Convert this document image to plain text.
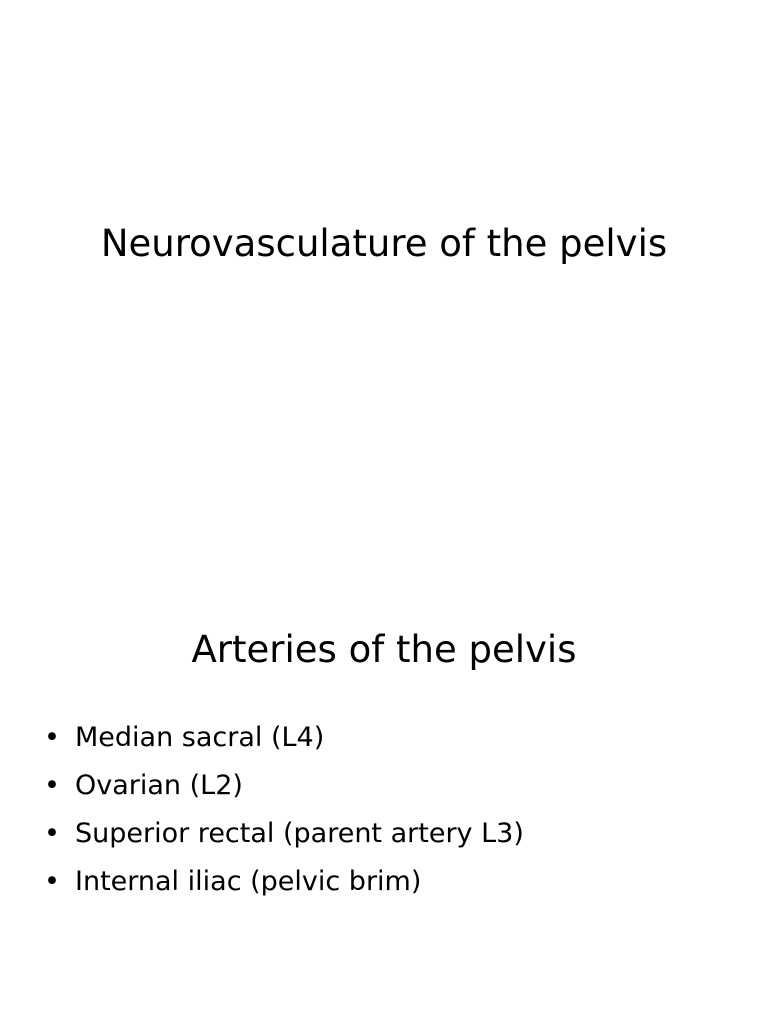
Neurovasculature of the pelvis
Arteries of the pelvis
• Median sacral (L4)
• Ovarian (L2)
• Superior rectal (parent artery L3)
• Internal iliac (pelvic brim)
